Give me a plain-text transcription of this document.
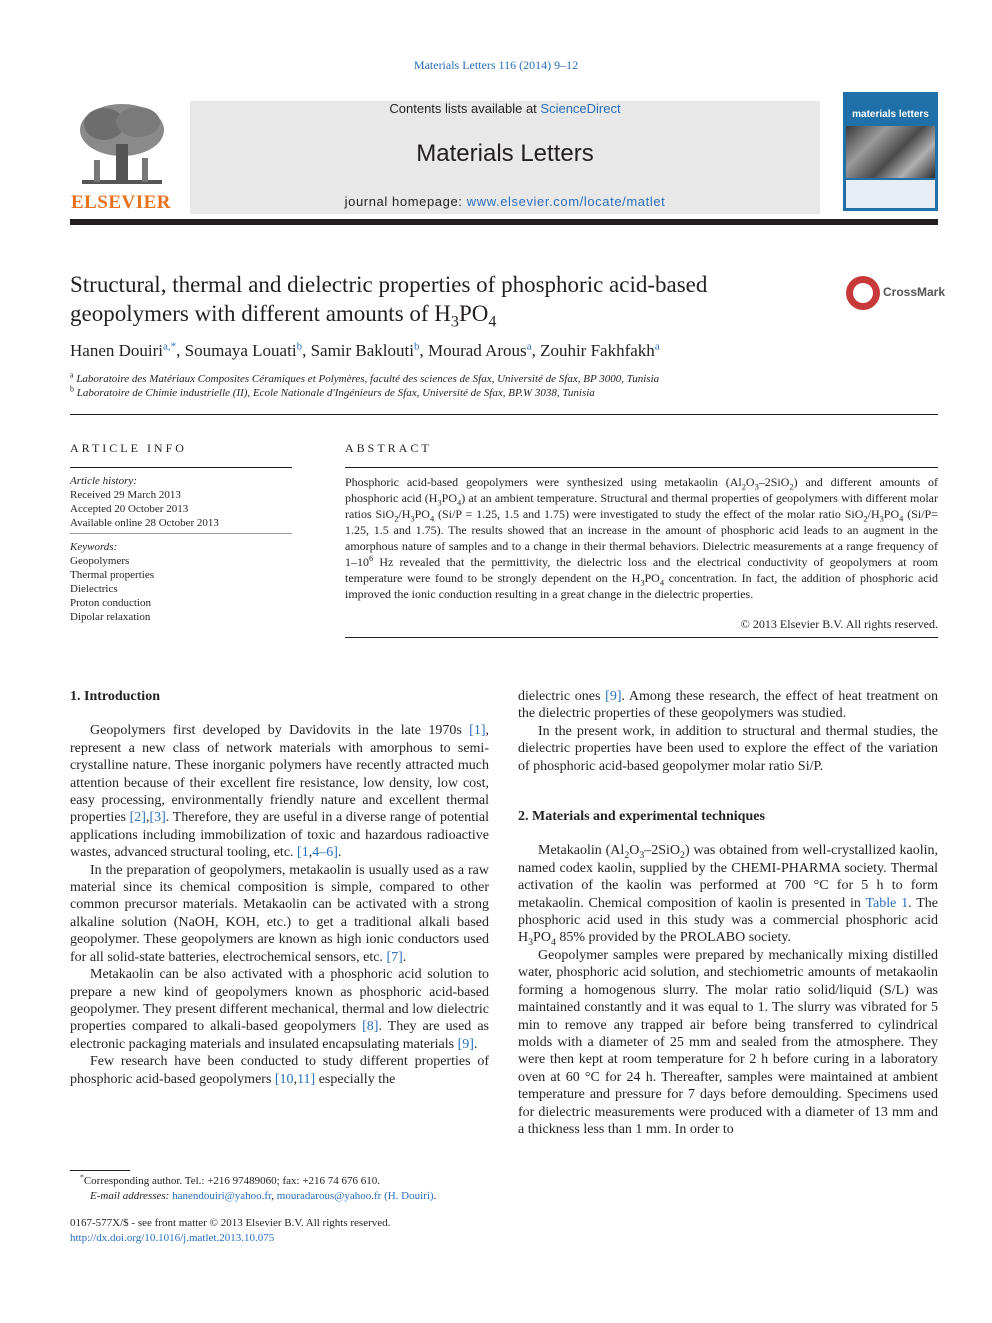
Materials Letters 116 (2014) 9–12
ELSEVIER
Contents lists available at ScienceDirect
Materials Letters
journal homepage: www.elsevier.com/locate/matlet
materials letters
Structural, thermal and dielectric properties of phosphoric acid-based
geopolymers with different amounts of $H_3PO_4$
CrossMark
Hanen Douiri$^{a,*}$, Soumaya Louati$^b$, Samir Baklouti$^b$, Mourad Arous$^a$, Zouhir Fakhfakh$^a$
$^a$ Laboratoire des Matériaux Composites Céramiques et Polymères, faculté des sciences de Sfax, Université de Sfax, BP 3000, Tunisia
$^b$ Laboratoire de Chimie industrielle (II), Ecole Nationale d'Ingénieurs de Sfax, Université de Sfax, BP.W 3038, Tunisia
ARTICLE INFO
Article history:
Received 29 March 2013
Accepted 20 October 2013
Available online 28 October 2013
Keywords:
Geopolymers
Thermal properties
Dielectrics
Proton conduction
Dipolar relaxation
ABSTRACT
Phosphoric acid-based geopolymers were synthesized using metakaolin $(Al_2O_3-2SiO_2)$ and different amounts of phosphoric acid $(H_3PO_4)$ at an ambient temperature. Structural and thermal properties of geopolymers with different molar ratios $SiO_2/H_3PO_4$ (Si/P = 1.25, 1.5 and 1.75) were investigated to study the effect of the molar ratio $SiO_2/H_3PO_4$ (Si/P= 1.25, 1.5 and 1.75). The results showed that an increase in the amount of phosphoric acid leads to an augment in the amorphous nature of samples and to a change in their thermal behaviors. Dielectric measurements at a range frequency of $1-10^6$ Hz revealed that the permittivity, the dielectric loss and the electrical conductivity of geopolymers at room temperature were found to be strongly dependent on the $H_3PO_4$ concentration. In fact, the addition of phosphoric acid improved the ionic conduction resulting in a great change in the dielectric properties.
© 2013 Elsevier B.V. All rights reserved.
1. Introduction

Geopolymers first developed by Davidovits in the late 1970s [1], represent a new class of network materials with amorphous to semi-crystalline nature. These inorganic polymers have recently attracted much attention because of their excellent fire resistance, low density, low cost, easy processing, environmentally friendly nature and excellent thermal properties [2],[3]. Therefore, they are useful in a diverse range of potential applications including immobilization of toxic and hazardous radioactive wastes, advanced structural tooling, etc. [1,4–6].

In the preparation of geopolymers, metakaolin is usually used as a raw material since its chemical composition is simple, compared to other common precursor materials. Metakaolin can be activated with a strong alkaline solution (NaOH, KOH, etc.) to get a traditional alkali based geopolymer. These geopolymers are known as high ionic conductors used for all solid-state batteries, electrochemical sensors, etc. [7].

Metakaolin can be also activated with a phosphoric acid solution to prepare a new kind of geopolymers known as phosphoric acid-based geopolymer. They present different mechanical, thermal and low dielectric properties compared to alkali-based geopolymers [8]. They are used as electronic packaging materials and insulated encapsulating materials [9].

Few research have been conducted to study different properties of phosphoric acid-based geopolymers [10,11] especially the

dielectric ones [9]. Among these research, the effect of heat treatment on the dielectric properties of these geopolymers was studied.

In the present work, in addition to structural and thermal studies, the dielectric properties have been used to explore the effect of the variation of phosphoric acid-based geopolymer molar ratio Si/P.

2. Materials and experimental techniques

Metakaolin $(Al_2O_3-2SiO_2)$ was obtained from well-crystallized kaolin, named codex kaolin, supplied by the CHEMI-PHARMA society. Thermal activation of the kaolin was performed at 700 °C for 5 h to form metakaolin. Chemical composition of kaolin is presented in Table 1. The phosphoric acid used in this study was a commercial phosphoric acid $H_3PO_4$ 85% provided by the PROLABO society.

Geopolymer samples were prepared by mechanically mixing distilled water, phosphoric acid solution, and stechiometric amounts of metakaolin forming a homogenous slurry. The molar ratio solid/liquid (S/L) was maintained constantly and it was equal to 1. The slurry was vibrated for 5 min to remove any trapped air before being transferred to cylindrical molds with a diameter of 25 mm and sealed from the atmosphere. They were then kept at room temperature for 2 h before curing in a laboratory oven at 60 °C for 24 h. Thereafter, samples were maintained at ambient temperature and pressure for 7 days before demoulding. Specimens used for dielectric measurements were produced with a diameter of 13 mm and a thickness less than 1 mm. In order to

*Corresponding author. Tel.: +216 97489060; fax: +216 74 676 610.
E-mail addresses: hanendouiri@yahoo.fr, mouradarous@yahoo.fr (H. Douiri).
0167-577X/$ - see front matter © 2013 Elsevier B.V. All rights reserved.
http://dx.doi.org/10.1016/j.matlet.2013.10.075
